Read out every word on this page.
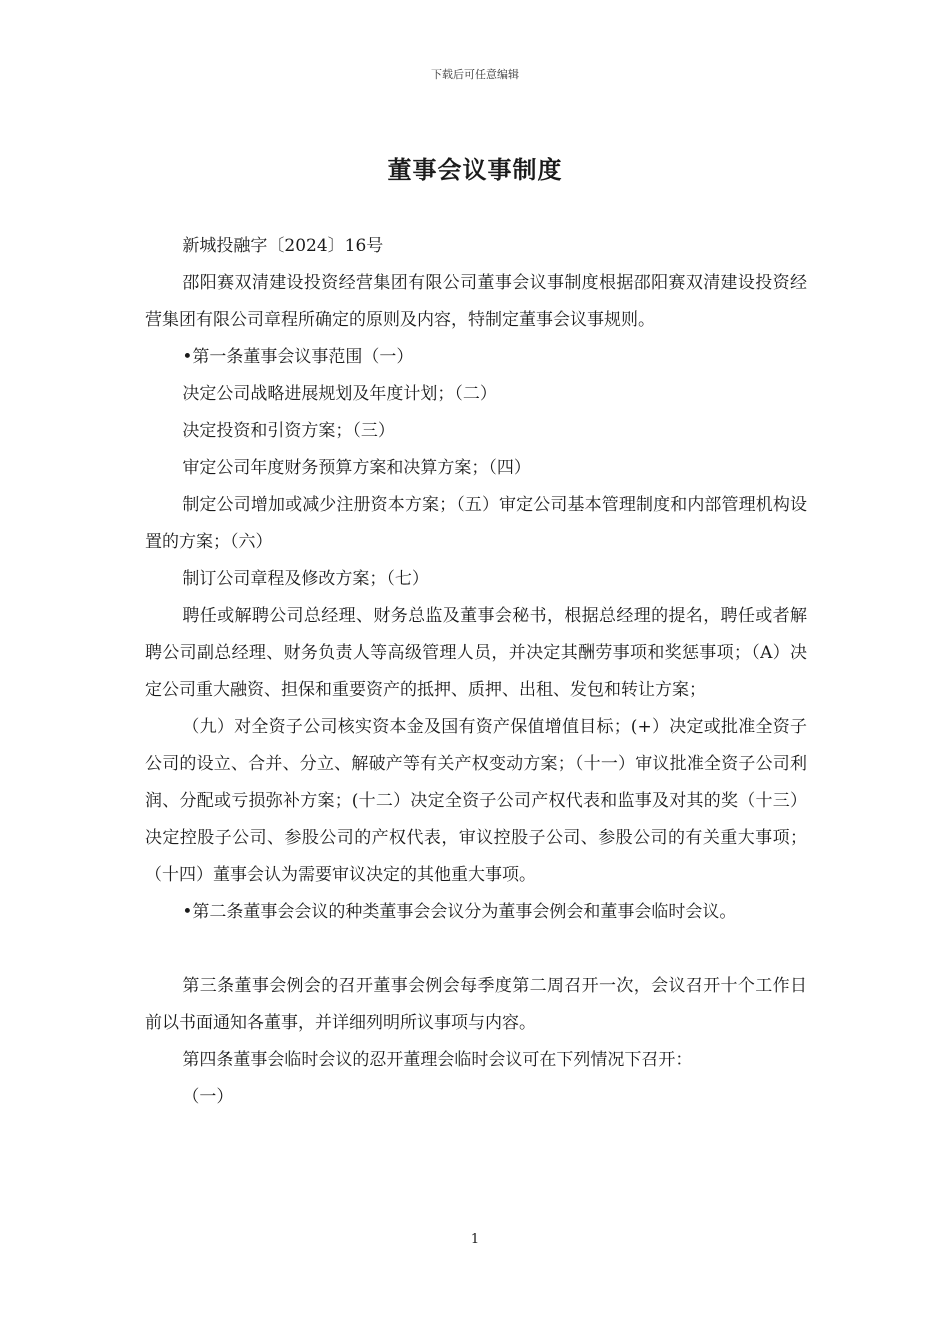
下载后可任意编辑
董事会议事制度

新城投融字〔2024〕16号

邵阳赛双清建设投资经营集团有限公司董事会议事制度根据邵阳赛双清建设投资经营集团有限公司章程所确定的原则及内容，特制定董事会议事规则。

•第一条董事会议事范围（一）

决定公司战略进展规划及年度计划；（二）

决定投资和引资方案；（三）

审定公司年度财务预算方案和决算方案；（四）

制定公司增加或减少注册资本方案；（五）审定公司基本管理制度和内部管理机构设置的方案；（六）

制订公司章程及修改方案；（七）

聘任或解聘公司总经理、财务总监及董事会秘书，根据总经理的提名，聘任或者解聘公司副总经理、财务负责人等高级管理人员，并决定其酬劳事项和奖惩事项；（A）决定公司重大融资、担保和重要资产的抵押、质押、出租、发包和转让方案；

（九）对全资子公司核实资本金及国有资产保值增值目标；(+）决定或批准全资子公司的设立、合并、分立、解破产等有关产权变动方案；（十一）审议批准全资子公司利润、分配或亏损弥补方案；(十二）决定全资子公司产权代表和监事及对其的奖（十三）决定控股子公司、参股公司的产权代表，审议控股子公司、参股公司的有关重大事项；（十四）董事会认为需要审议决定的其他重大事项。

•第二条董事会会议的种类董事会会议分为董事会例会和董事会临时会议。

第三条董事会例会的召开董事会例会每季度第二周召开一次，会议召开十个工作日前以书面通知各董事，并详细列明所议事项与内容。

第四条董事会临时会议的忍开董理会临时会议可在下列情况下召开：

（一）

1
